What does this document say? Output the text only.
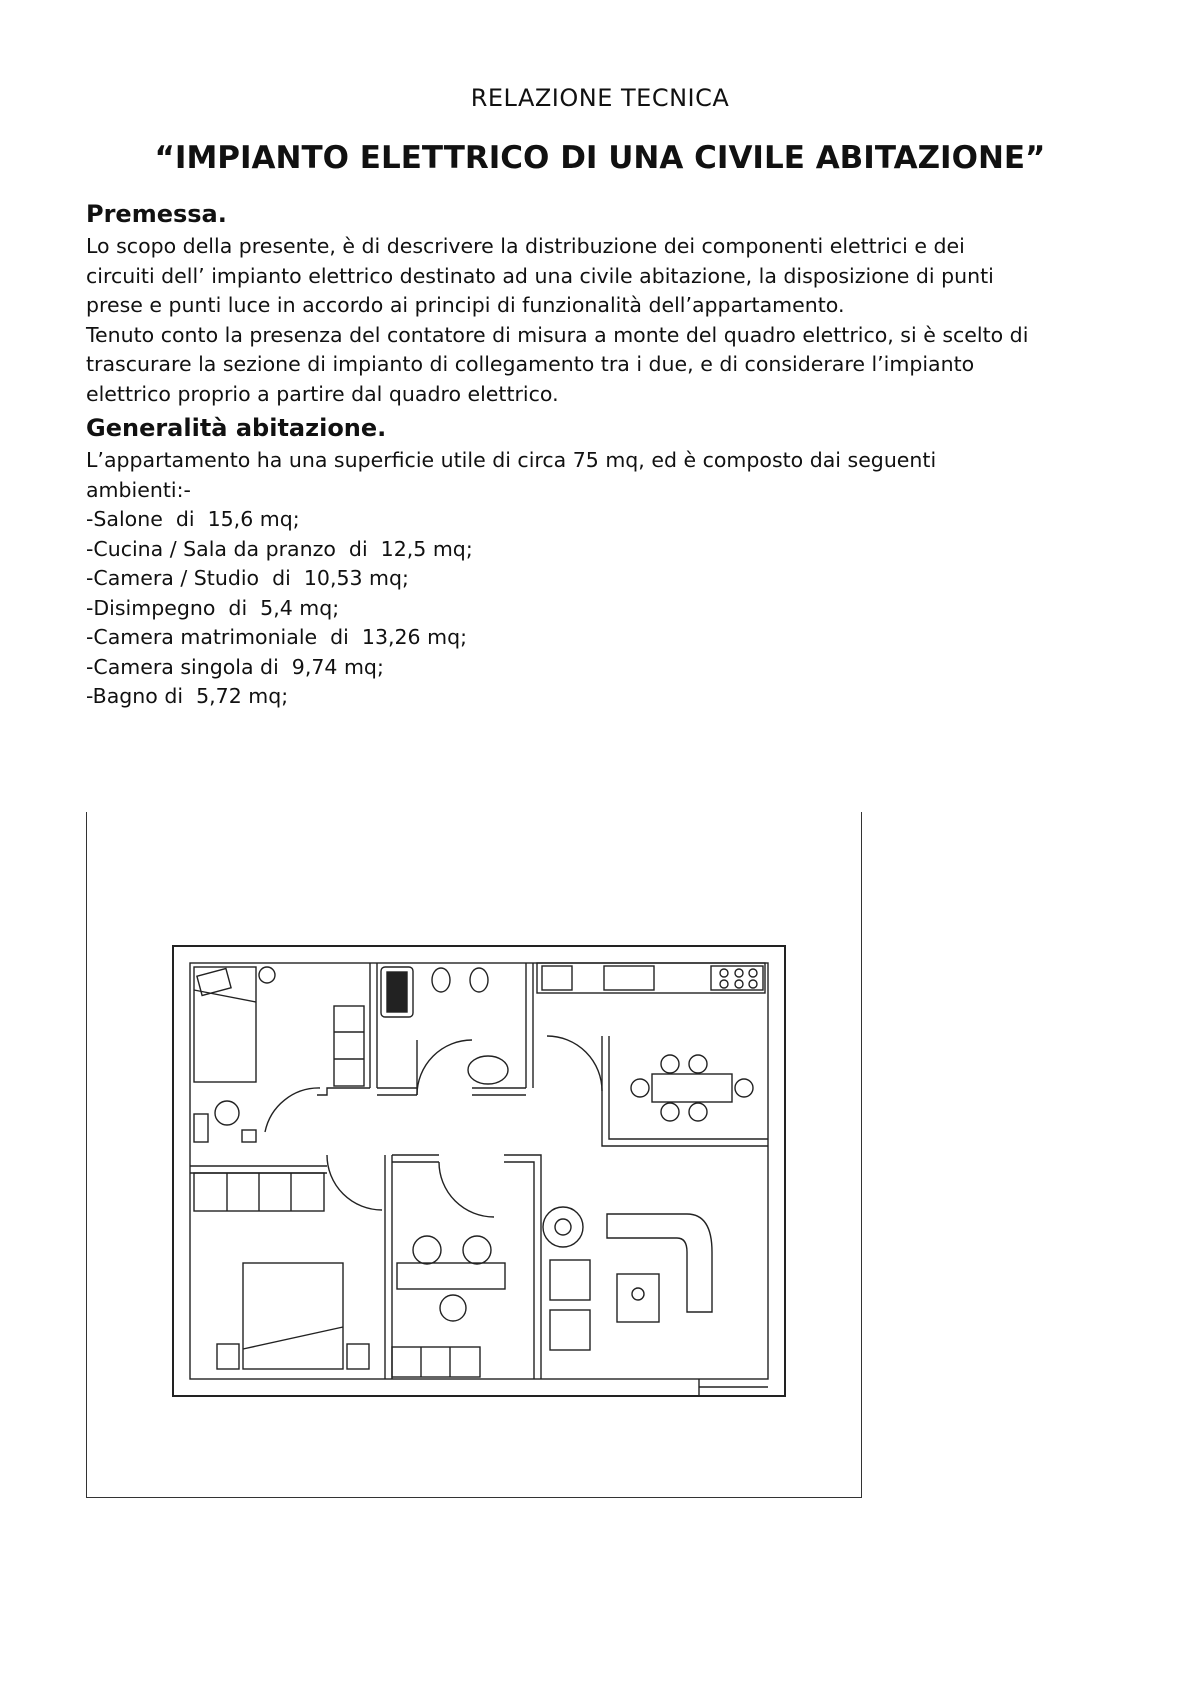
RELAZIONE TECNICA
“IMPIANTO ELETTRICO DI UNA CIVILE ABITAZIONE”
Premessa.
Lo scopo della presente, è di descrivere la distribuzione dei componenti elettrici e dei
circuiti dell’ impianto elettrico destinato ad una civile abitazione, la disposizione di punti
prese e punti luce in accordo ai principi di funzionalità dell’appartamento.
Tenuto conto la presenza del contatore di misura a monte del quadro elettrico, si è scelto di
trascurare la sezione di impianto di collegamento tra i due, e di considerare l’impianto
elettrico proprio a partire dal quadro elettrico.
Generalità abitazione.
L’appartamento ha una superficie utile di circa 75 mq, ed è composto dai seguenti
ambienti:-
-Salone  di  15,6 mq;
-Cucina / Sala da pranzo  di  12,5 mq;
-Camera / Studio  di  10,53 mq;
-Disimpegno  di  5,4 mq;
-Camera matrimoniale  di  13,26 mq;
-Camera singola di  9,74 mq;
-Bagno di  5,72 mq;
